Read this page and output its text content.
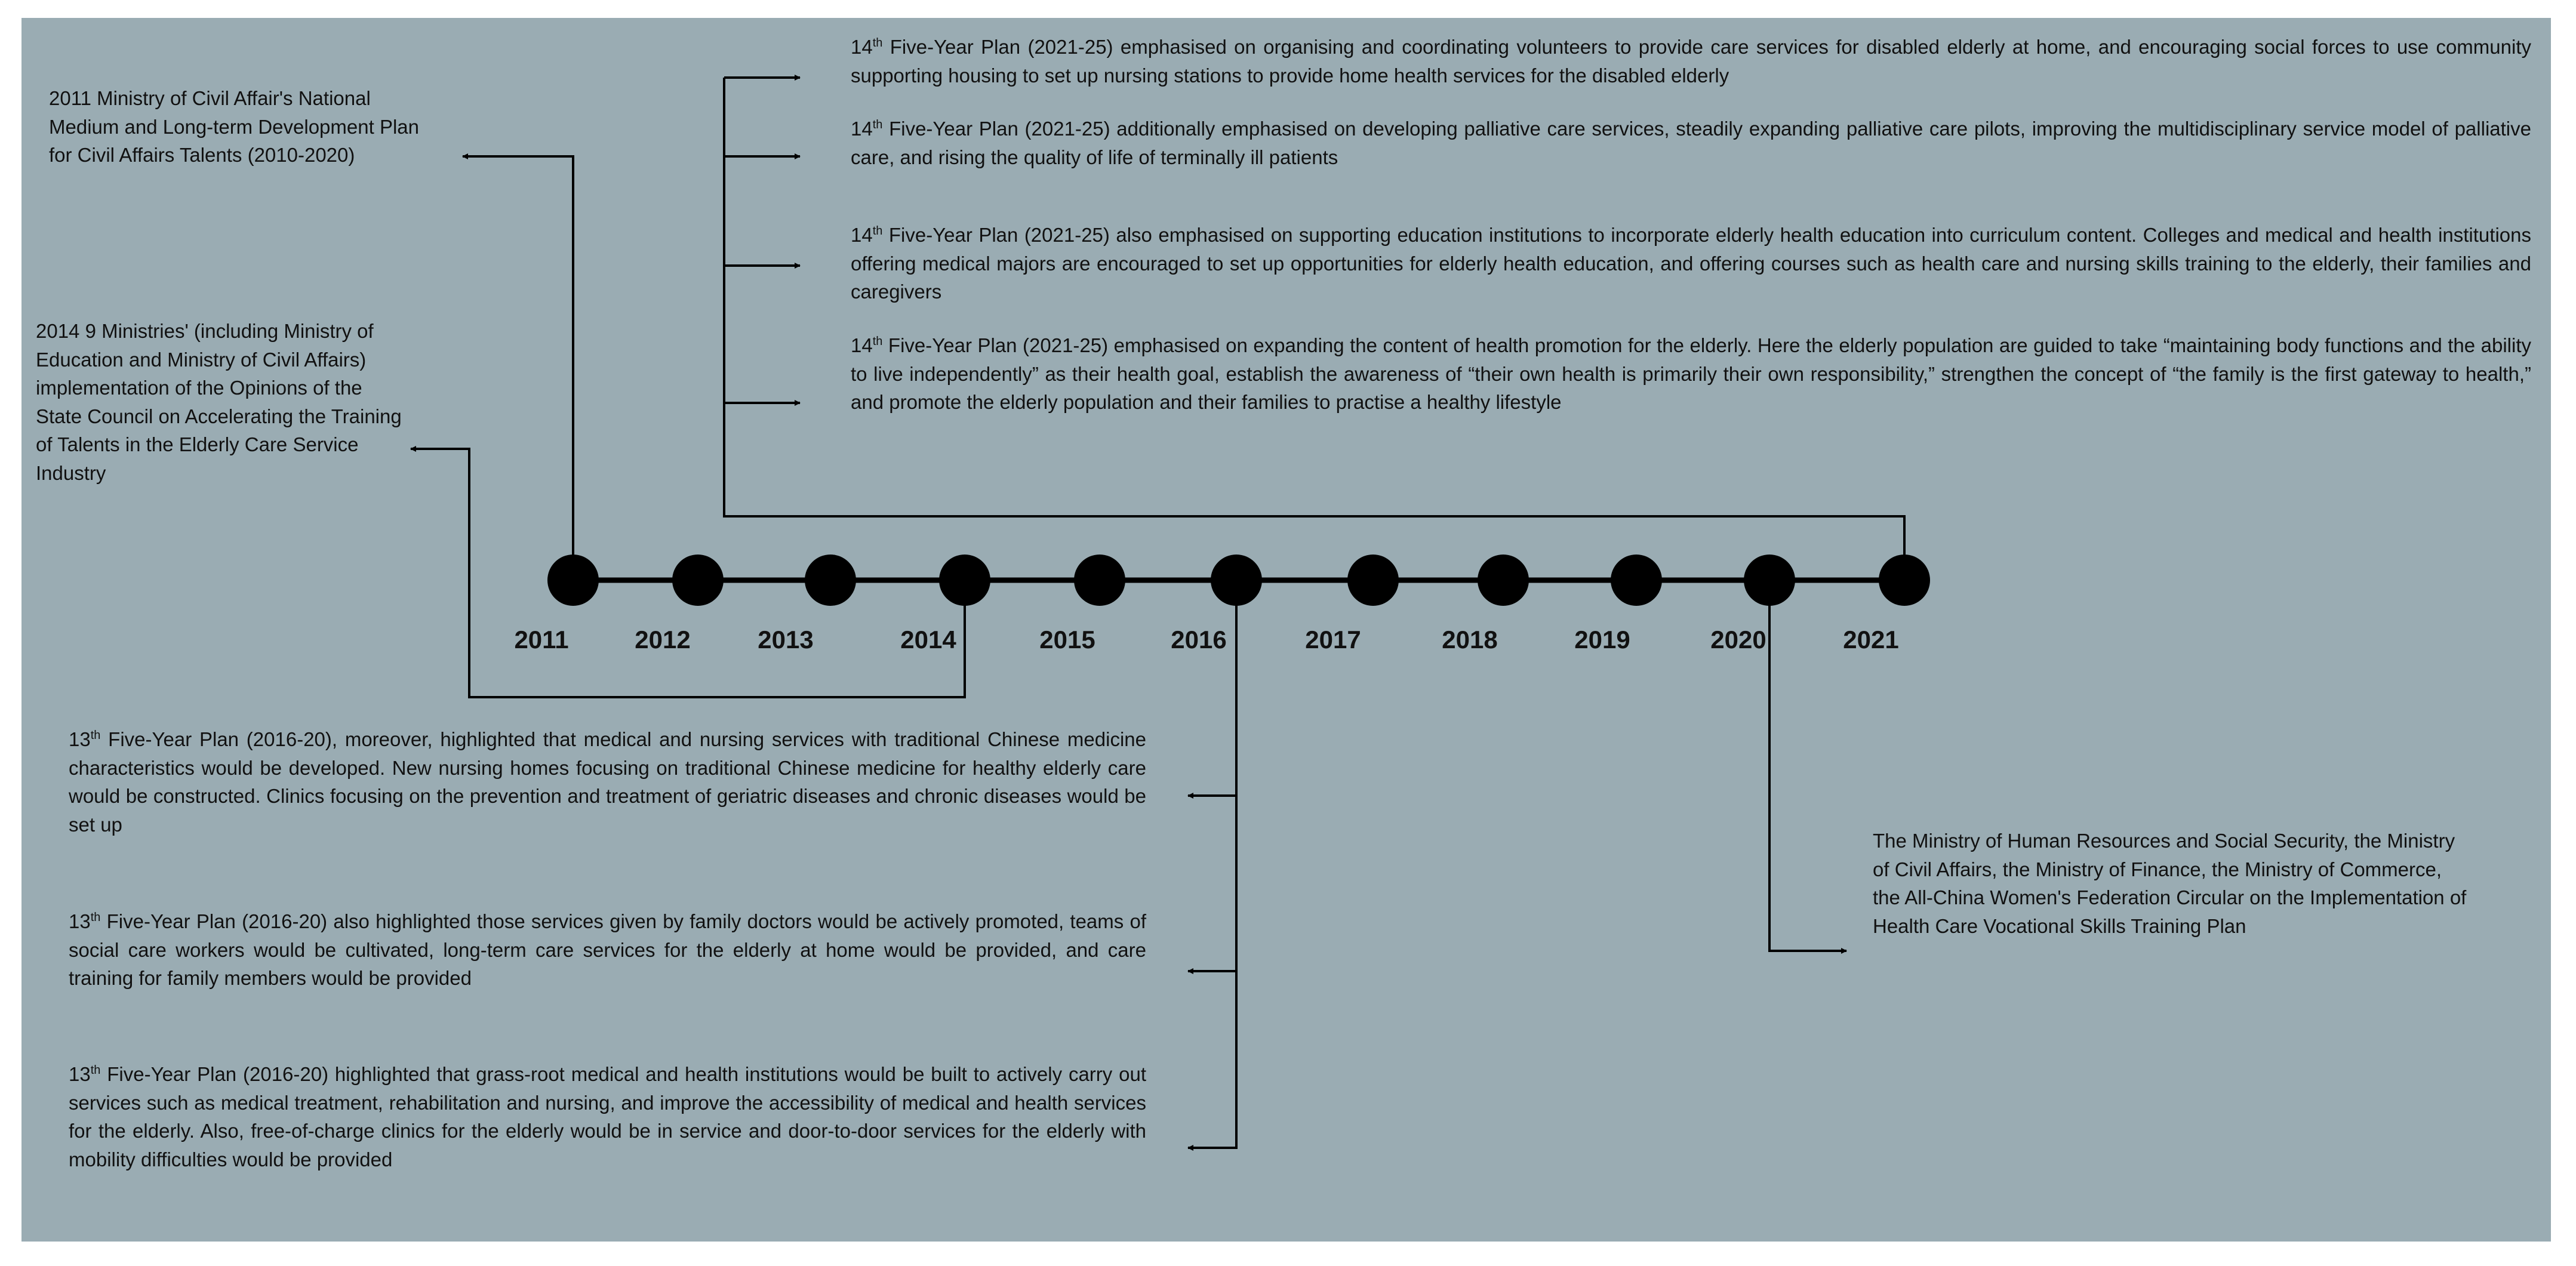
2011	2012	2013	2014	2015	2016	2017	2018	2019	2020	2021

2011 Ministry of Civil Affair's National Medium and Long-term Development Plan for Civil Affairs Talents (2010-2020)

2014 9 Ministries' (including Ministry of Education and Ministry of Civil Affairs) implementation of the Opinions of the State Council on Accelerating the Training of Talents in the Elderly Care Service Industry

14th Five-Year Plan (2021-25) emphasised on organising and coordinating volunteers to provide care services for disabled elderly at home, and encouraging social forces to use community supporting housing to set up nursing stations to provide home health services for the disabled elderly

14th Five-Year Plan (2021-25) additionally emphasised on developing palliative care services, steadily expanding palliative care pilots, improving the multidisciplinary service model of palliative care, and rising the quality of life of terminally ill patients

14th Five-Year Plan (2021-25) also emphasised on supporting education institutions to incorporate elderly health education into curriculum content. Colleges and medical and health institutions offering medical majors are encouraged to set up opportunities for elderly health education, and offering courses such as health care and nursing skills training to the elderly, their families and caregivers

14th Five-Year Plan (2021-25) emphasised on expanding the content of health promotion for the elderly. Here the elderly population are guided to take “maintaining body functions and the ability to live independently” as their health goal, establish the awareness of “their own health is primarily their own responsibility,” strengthen the concept of “the family is the first gateway to health,” and promote the elderly population and their families to practise a healthy lifestyle

13th Five-Year Plan (2016-20), moreover, highlighted that medical and nursing services with traditional Chinese medicine characteristics would be developed. New nursing homes focusing on traditional Chinese medicine for healthy elderly care would be constructed. Clinics focusing on the prevention and treatment of geriatric diseases and chronic diseases would be set up

13th Five-Year Plan (2016-20) also highlighted those services given by family doctors would be actively promoted, teams of social care workers would be cultivated, long-term care services for the elderly at home would be provided, and care training for family members would be provided

13th Five-Year Plan (2016-20) highlighted that grass-root medical and health institutions would be built to actively carry out services such as medical treatment, rehabilitation and nursing, and improve the accessibility of medical and health services for the elderly. Also, free-of-charge clinics for the elderly would be in service and door-to-door services for the elderly with mobility difficulties would be provided

The Ministry of Human Resources and Social Security, the Ministry of Civil Affairs, the Ministry of Finance, the Ministry of Commerce, the All-China Women's Federation Circular on the Implementation of Health Care Vocational Skills Training Plan
